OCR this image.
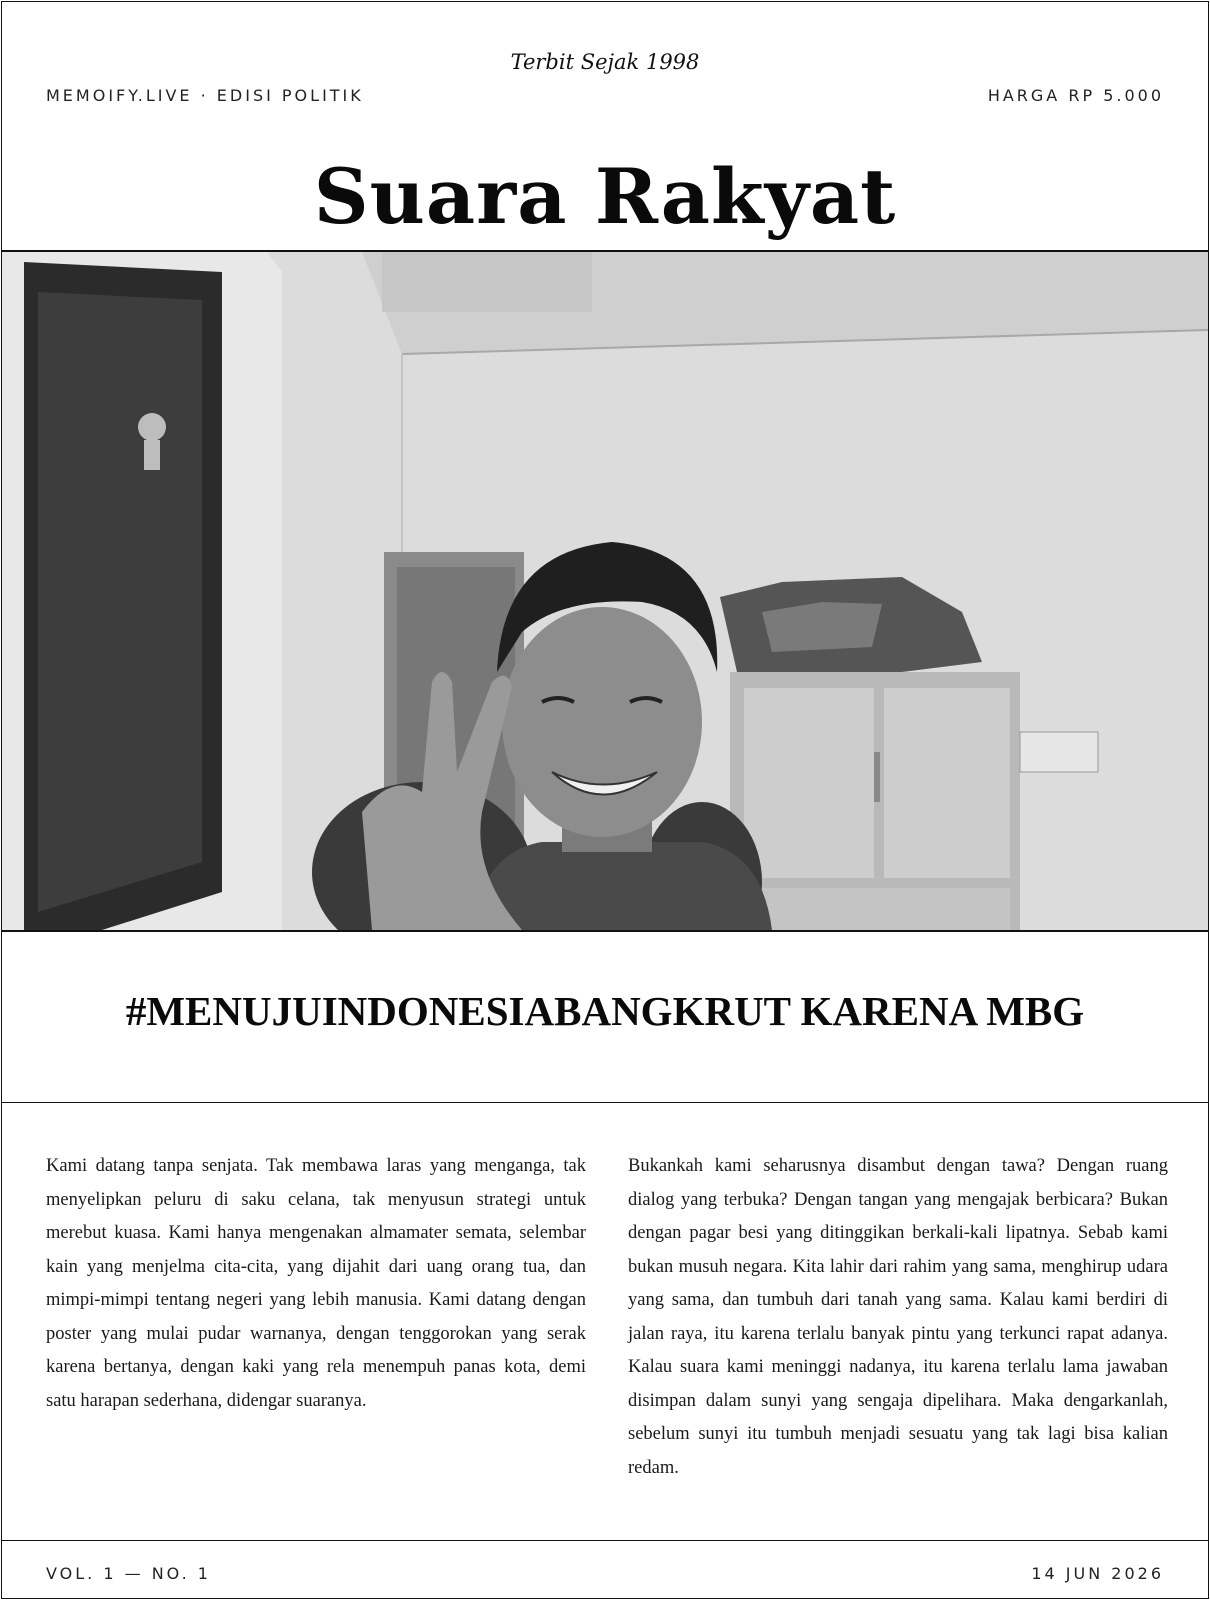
Terbit Sejak 1998
MEMOIFY.LIVE · EDISI POLITIK	HARGA RP 5.000
Suara Rakyat
#MENUJUINDONESIABANGKRUT KARENA MBG
Kami datang tanpa senjata. Tak membawa laras yang menganga, tak menyelipkan peluru di saku celana, tak menyusun strategi untuk merebut kuasa. Kami hanya mengenakan almamater semata, selembar kain yang menjelma cita-cita, yang dijahit dari uang orang tua, dan mimpi-mimpi tentang negeri yang lebih manusia. Kami datang dengan poster yang mulai pudar warnanya, dengan tenggorokan yang serak karena bertanya, dengan kaki yang rela menempuh panas kota, demi satu harapan sederhana, didengar suaranya.
Bukankah kami seharusnya disambut dengan tawa? Dengan ruang dialog yang terbuka? Dengan tangan yang mengajak berbicara? Bukan dengan pagar besi yang ditinggikan berkali-kali lipatnya. Sebab kami bukan musuh negara. Kita lahir dari rahim yang sama, menghirup udara yang sama, dan tumbuh dari tanah yang sama. Kalau kami berdiri di jalan raya, itu karena terlalu banyak pintu yang terkunci rapat adanya. Kalau suara kami meninggi nadanya, itu karena terlalu lama jawaban disimpan dalam sunyi yang sengaja dipelihara. Maka dengarkanlah, sebelum sunyi itu tumbuh menjadi sesuatu yang tak lagi bisa kalian redam.
VOL. 1 — NO. 1	14 JUN 2026
